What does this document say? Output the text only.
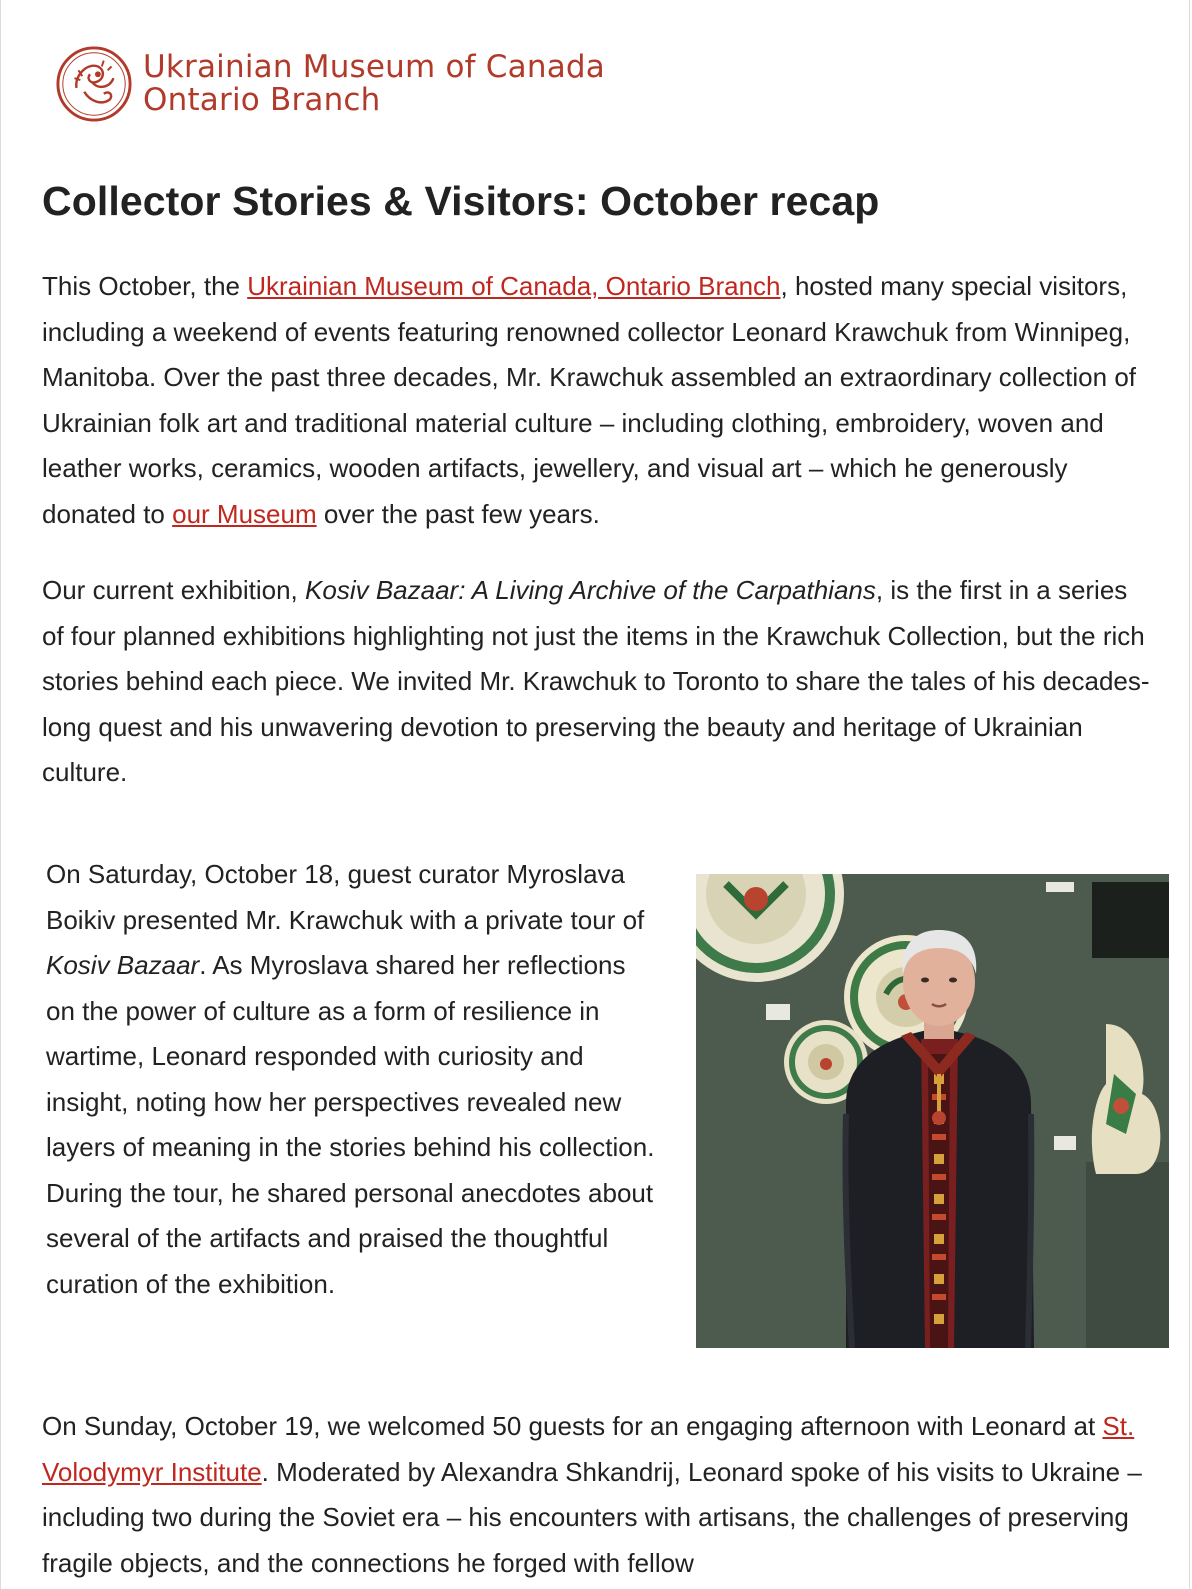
Ukrainian Museum of Canada
Ontario Branch
Collector Stories & Visitors: October recap

This October, the Ukrainian Museum of Canada, Ontario Branch, hosted many special visitors, including a weekend of events featuring renowned collector Leonard Krawchuk from Winnipeg, Manitoba. Over the past three decades, Mr. Krawchuk assembled an extraordinary collection of Ukrainian folk art and traditional material culture – including clothing, embroidery, woven and leather works, ceramics, wooden artifacts, jewellery, and visual art – which he generously donated to our Museum over the past few years.

Our current exhibition, Kosiv Bazaar: A Living Archive of the Carpathians, is the first in a series of four planned exhibitions highlighting not just the items in the Krawchuk Collection, but the rich stories behind each piece. We invited Mr. Krawchuk to Toronto to share the tales of his decades-long quest and his unwavering devotion to preserving the beauty and heritage of Ukrainian culture.

On Saturday, October 18, guest curator Myroslava Boikiv presented Mr. Krawchuk with a private tour of Kosiv Bazaar. As Myroslava shared her reflections on the power of culture as a form of resilience in wartime, Leonard responded with curiosity and insight, noting how her perspectives revealed new layers of meaning in the stories behind his collection. During the tour, he shared personal anecdotes about several of the artifacts and praised the thoughtful curation of the exhibition.

On Sunday, October 19, we welcomed 50 guests for an engaging afternoon with Leonard at St. Volodymyr Institute. Moderated by Alexandra Shkandrij, Leonard spoke of his visits to Ukraine – including two during the Soviet era – his encounters with artisans, the challenges of preserving fragile objects, and the connections he forged with fellow
